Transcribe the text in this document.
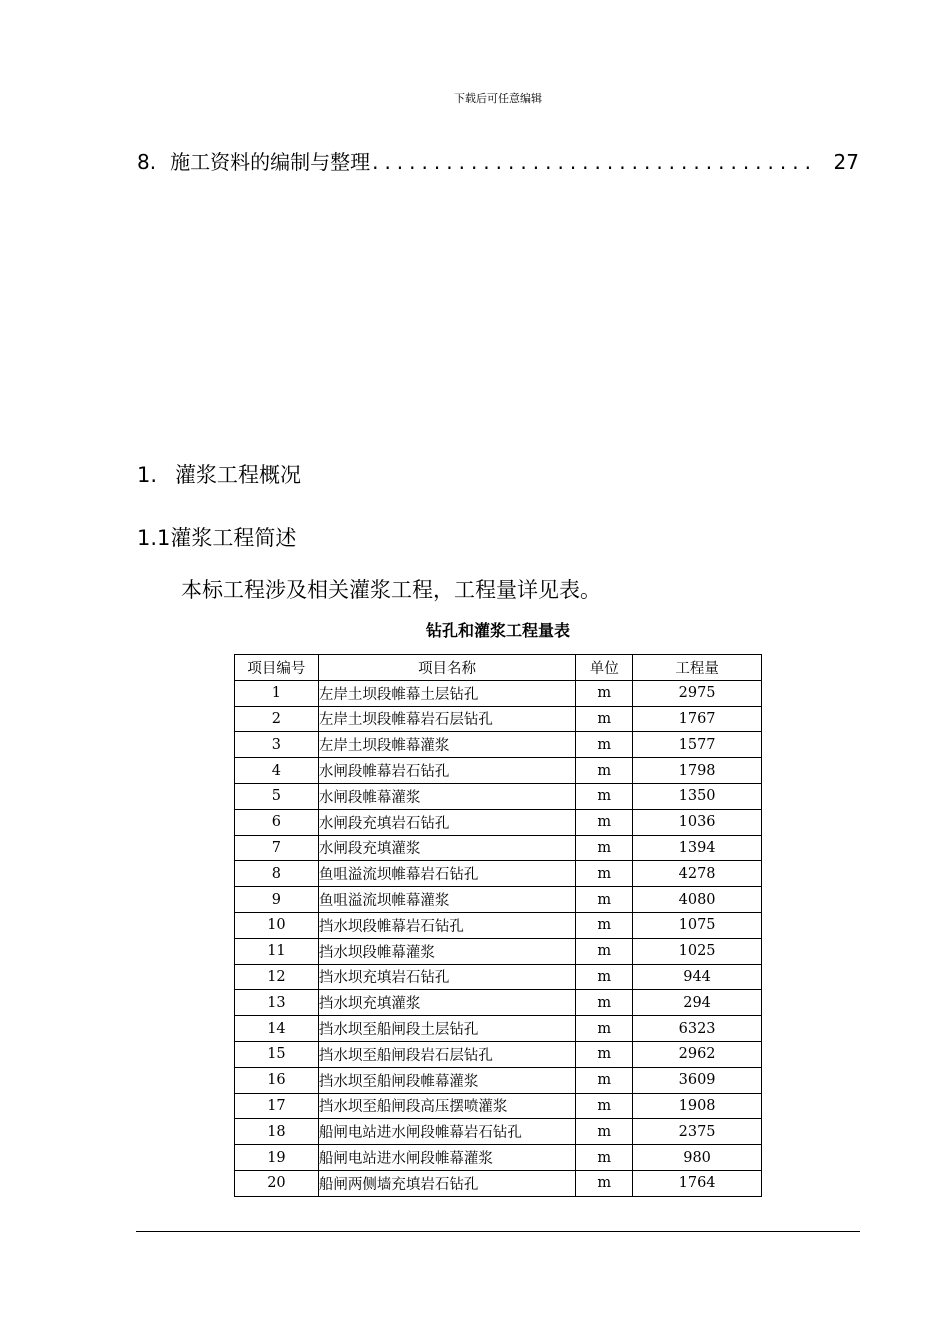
下载后可任意编辑
8. 施工资料的编制与整理 .................................... 27
1. 灌浆工程概况
1.1灌浆工程简述
本标工程涉及相关灌浆工程，工程量详见表。
钻孔和灌浆工程量表
项目编号	项目名称	单位	工程量
1	左岸土坝段帷幕土层钻孔	m	2975
2	左岸土坝段帷幕岩石层钻孔	m	1767
3	左岸土坝段帷幕灌浆	m	1577
4	水闸段帷幕岩石钻孔	m	1798
5	水闸段帷幕灌浆	m	1350
6	水闸段充填岩石钻孔	m	1036
7	水闸段充填灌浆	m	1394
8	鱼咀溢流坝帷幕岩石钻孔	m	4278
9	鱼咀溢流坝帷幕灌浆	m	4080
10	挡水坝段帷幕岩石钻孔	m	1075
11	挡水坝段帷幕灌浆	m	1025
12	挡水坝充填岩石钻孔	m	944
13	挡水坝充填灌浆	m	294
14	挡水坝至船闸段土层钻孔	m	6323
15	挡水坝至船闸段岩石层钻孔	m	2962
16	挡水坝至船闸段帷幕灌浆	m	3609
17	挡水坝至船闸段高压摆喷灌浆	m	1908
18	船闸电站进水闸段帷幕岩石钻孔	m	2375
19	船闸电站进水闸段帷幕灌浆	m	980
20	船闸两侧墙充填岩石钻孔	m	1764
